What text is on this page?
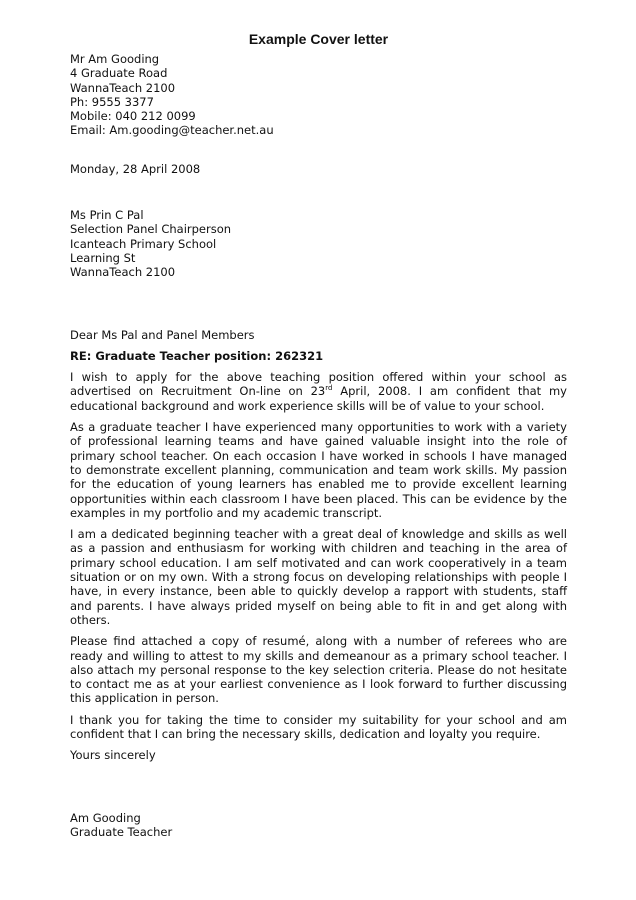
Example Cover letter
Mr Am Gooding
4 Graduate Road
WannaTeach 2100
Ph: 9555 3377
Mobile: 040 212 0099
Email: Am.gooding@teacher.net.au
Monday, 28 April 2008
Ms Prin C Pal
Selection Panel Chairperson
Icanteach Primary School
Learning St
WannaTeach 2100
Dear Ms Pal and Panel Members
RE: Graduate Teacher position: 262321

I wish to apply for the above teaching position offered within your school as advertised on Recruitment On-line on 23rd April, 2008. I am confident that my educational background and work experience skills will be of value to your school.

As a graduate teacher I have experienced many opportunities to work with a variety of professional learning teams and have gained valuable insight into the role of primary school teacher. On each occasion I have worked in schools I have managed to demonstrate excellent planning, communication and team work skills. My passion for the education of young learners has enabled me to provide excellent learning opportunities within each classroom I have been placed. This can be evidence by the examples in my portfolio and my academic transcript.

I am a dedicated beginning teacher with a great deal of knowledge and skills as well as a passion and enthusiasm for working with children and teaching in the area of primary school education. I am self motivated and can work cooperatively in a team situation or on my own. With a strong focus on developing relationships with people I have, in every instance, been able to quickly develop a rapport with students, staff and parents. I have always prided myself on being able to fit in and get along with others.

Please find attached a copy of resumé, along with a number of referees who are ready and willing to attest to my skills and demeanour as a primary school teacher. I also attach my personal response to the key selection criteria. Please do not hesitate to contact me as at your earliest convenience as I look forward to further discussing this application in person.

I thank you for taking the time to consider my suitability for your school and am confident that I can bring the necessary skills, dedication and loyalty you require.

Yours sincerely
Am Gooding
Graduate Teacher
